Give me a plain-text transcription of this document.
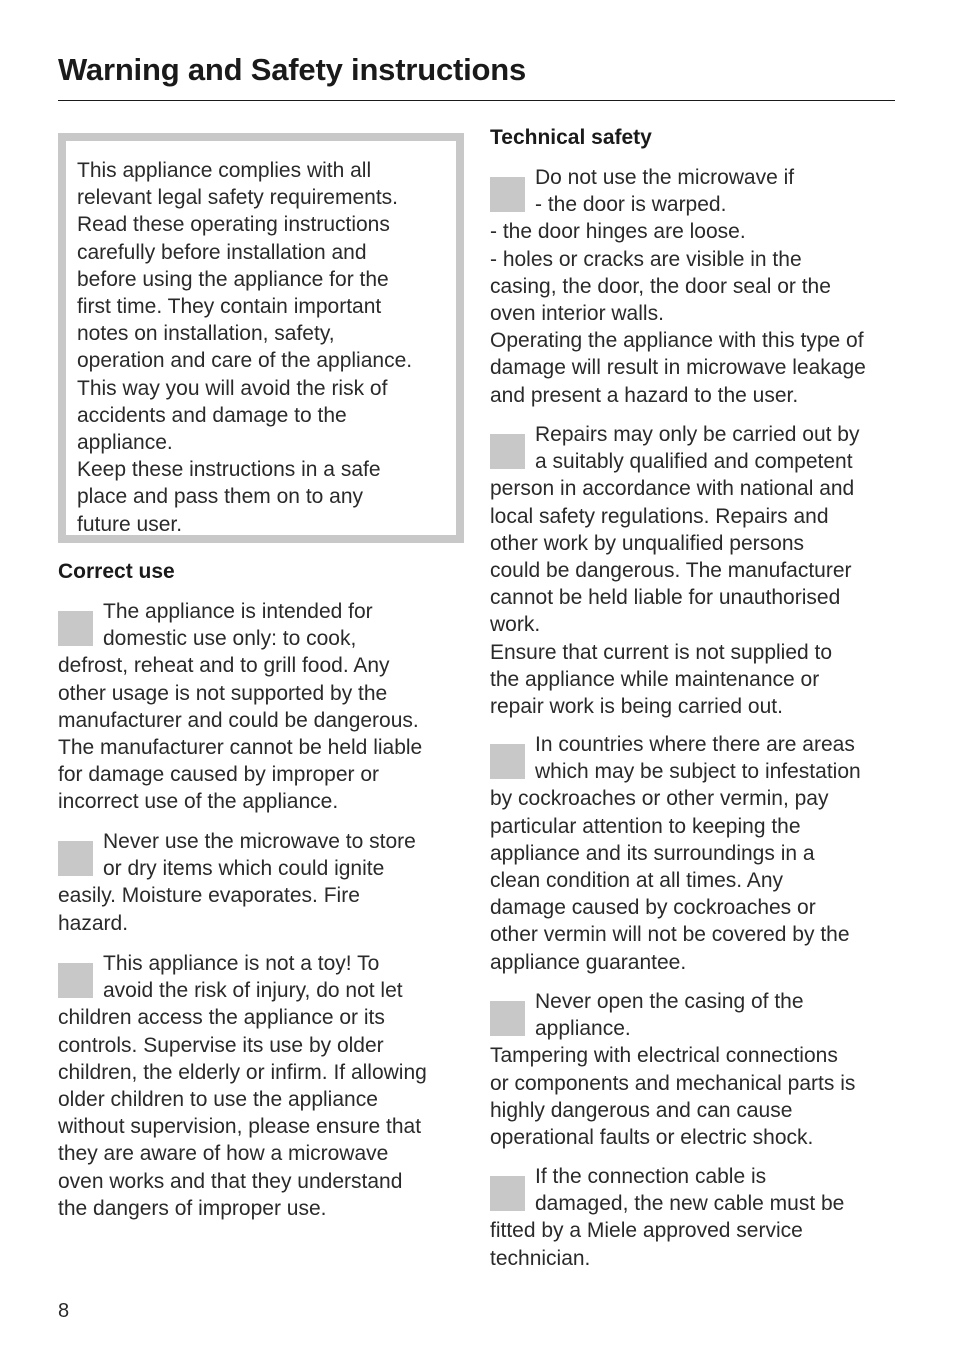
Warning and Safety instructions
This appliance complies with all
relevant legal safety requirements.
Read these operating instructions
carefully before installation and
before using the appliance for the
first time. They contain important
notes on installation, safety,
operation and care of the appliance.
This way you will avoid the risk of
accidents and damage to the
appliance.
Keep these instructions in a safe
place and pass them on to any
future user.
Correct use
The appliance is intended for
domestic use only: to cook,
defrost, reheat and to grill food. Any
other usage is not supported by the
manufacturer and could be dangerous.
The manufacturer cannot be held liable
for damage caused by improper or
incorrect use of the appliance.
Never use the microwave to store
or dry items which could ignite
easily. Moisture evaporates. Fire
hazard.
This appliance is not a toy! To
avoid the risk of injury, do not let
children access the appliance or its
controls. Supervise its use by older
children, the elderly or infirm. If allowing
older children to use the appliance
without supervision, please ensure that
they are aware of how a microwave
oven works and that they understand
the dangers of improper use.
Technical safety
Do not use the microwave if
- the door is warped.
- the door hinges are loose.
- holes or cracks are visible in the
casing, the door, the door seal or the
oven interior walls.
Operating the appliance with this type of
damage will result in microwave leakage
and present a hazard to the user.
Repairs may only be carried out by
a suitably qualified and competent
person in accordance with national and
local safety regulations. Repairs and
other work by unqualified persons
could be dangerous. The manufacturer
cannot be held liable for unauthorised
work.
Ensure that current is not supplied to
the appliance while maintenance or
repair work is being carried out.
In countries where there are areas
which may be subject to infestation
by cockroaches or other vermin, pay
particular attention to keeping the
appliance and its surroundings in a
clean condition at all times. Any
damage caused by cockroaches or
other vermin will not be covered by the
appliance guarantee.
Never open the casing of the
appliance.
Tampering with electrical connections
or components and mechanical parts is
highly dangerous and can cause
operational faults or electric shock.
If the connection cable is
damaged, the new cable must be
fitted by a Miele approved service
technician.
8
